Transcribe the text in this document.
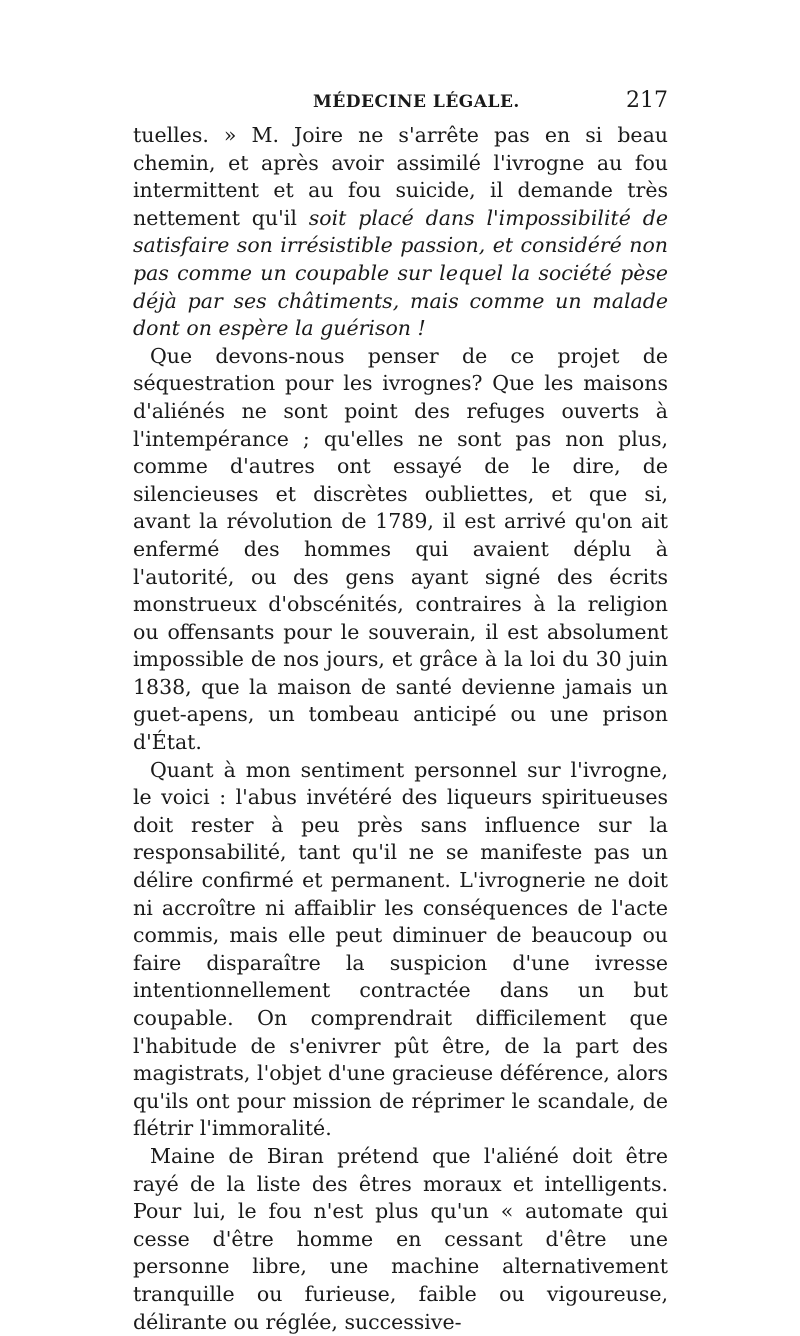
MÉDECINE LÉGALE.	217

tuelles. » M. Joire ne s'arrête pas en si beau chemin, et après avoir assimilé l'ivrogne au fou intermittent et au fou suicide, il demande très nettement qu'il soit placé dans l'impossibilité de satisfaire son irrésistible passion, et considéré non pas comme un coupable sur lequel la société pèse déjà par ses châtiments, mais comme un malade dont on espère la guérison !

Que devons-nous penser de ce projet de séquestration pour les ivrognes? Que les maisons d'aliénés ne sont point des refuges ouverts à l'intempérance ; qu'elles ne sont pas non plus, comme d'autres ont essayé de le dire, de silencieuses et discrètes oubliettes, et que si, avant la révolution de 1789, il est arrivé qu'on ait enfermé des hommes qui avaient déplu à l'autorité, ou des gens ayant signé des écrits monstrueux d'obscénités, contraires à la religion ou offensants pour le souverain, il est absolument impossible de nos jours, et grâce à la loi du 30 juin 1838, que la maison de santé devienne jamais un guet-apens, un tombeau anticipé ou une prison d'État.

Quant à mon sentiment personnel sur l'ivrogne, le voici : l'abus invétéré des liqueurs spiritueuses doit rester à peu près sans influence sur la responsabilité, tant qu'il ne se manifeste pas un délire confirmé et permanent. L'ivrognerie ne doit ni accroître ni affaiblir les conséquences de l'acte commis, mais elle peut diminuer de beaucoup ou faire disparaître la suspicion d'une ivresse intentionnellement contractée dans un but coupable. On comprendrait difficilement que l'habitude de s'enivrer pût être, de la part des magistrats, l'objet d'une gracieuse déférence, alors qu'ils ont pour mission de réprimer le scandale, de flétrir l'immoralité.

Maine de Biran prétend que l'aliéné doit être rayé de la liste des êtres moraux et intelligents. Pour lui, le fou n'est plus qu'un « automate qui cesse d'être homme en cessant d'être une personne libre, une machine alternativement tranquille ou furieuse, faible ou vigoureuse, délirante ou réglée, successive-
